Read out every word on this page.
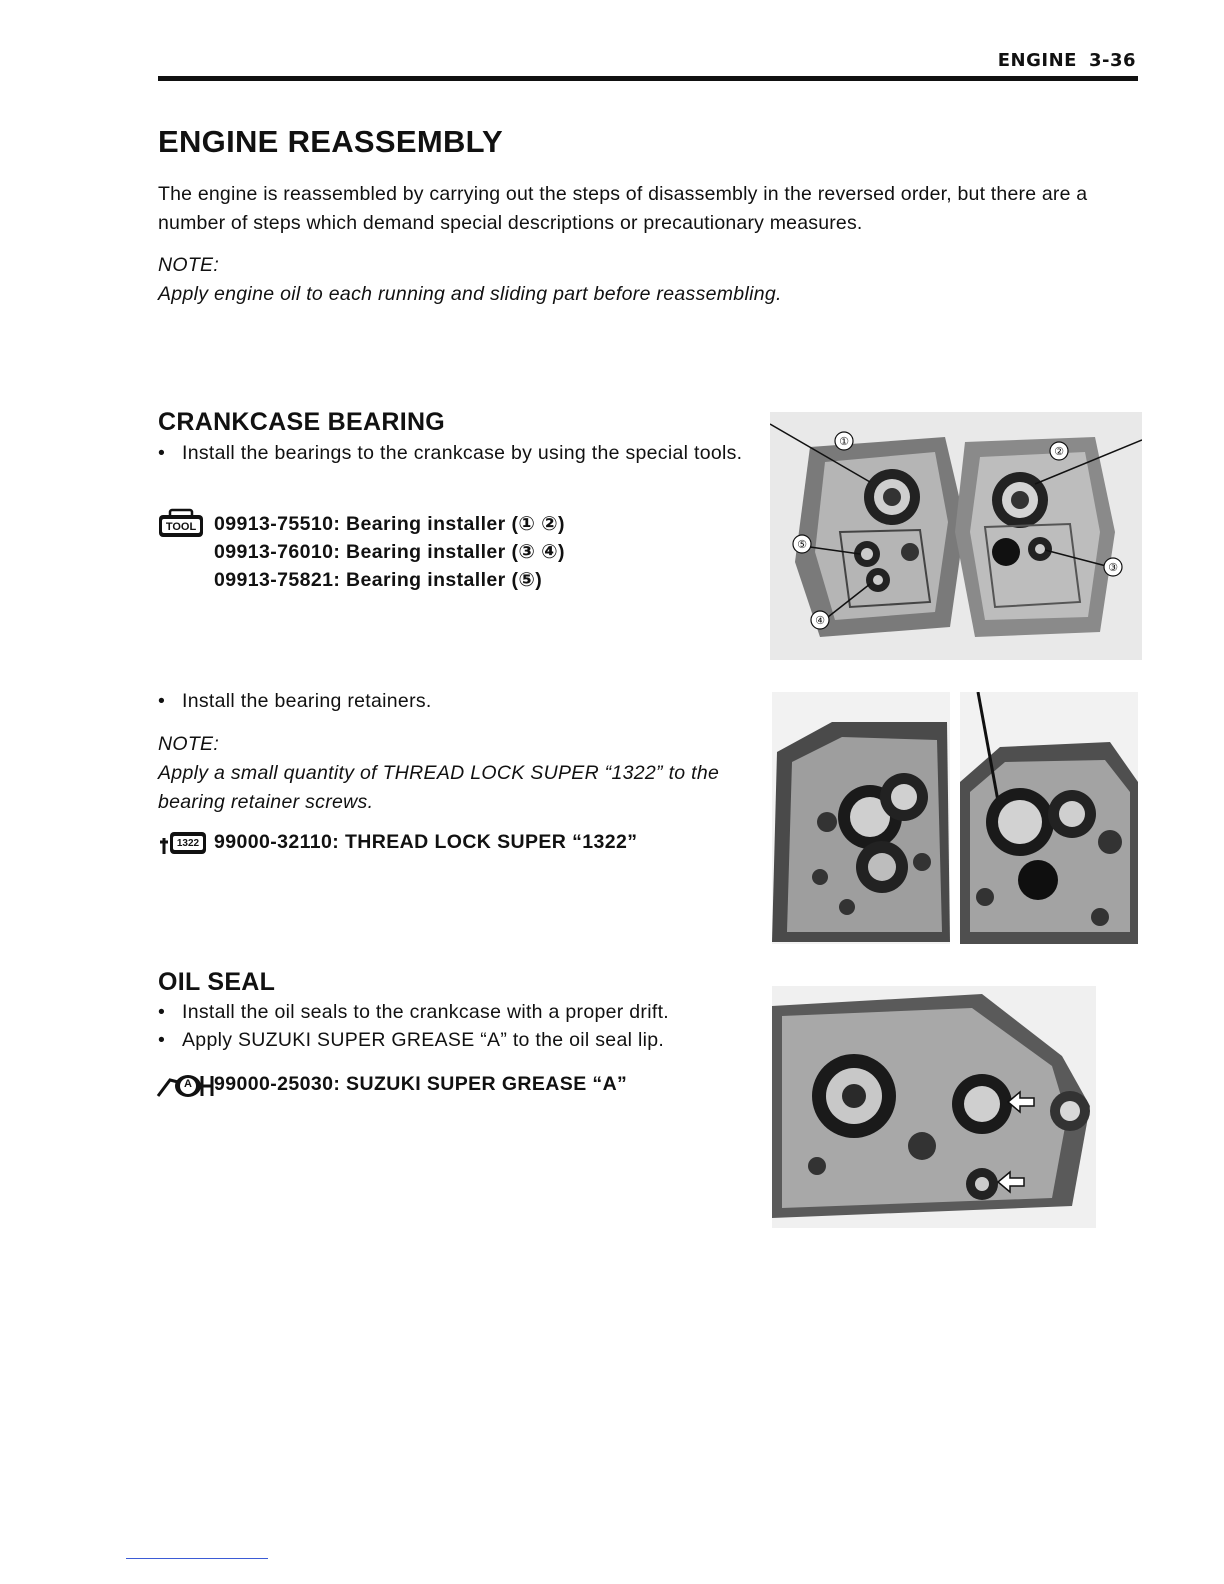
ENGINE 3-36
ENGINE REASSEMBLY

The engine is reassembled by carrying out the steps of disassembly in the reversed order, but there are a number of steps which demand special descriptions or precautionary measures.

NOTE:
Apply engine oil to each running and sliding part before reassembling.
CRANKCASE BEARING

• Install the bearings to the crankcase by using the special tools.

TOOL 09913-75510: Bearing installer (① ②)
09913-76010: Bearing installer (③ ④)
09913-75821: Bearing installer (⑤)
①
②
③
④
⑤

• Install the bearing retainers.

NOTE:
Apply a small quantity of THREAD LOCK SUPER “1322” to the bearing retainer screws.
1322 99000-32110: THREAD LOCK SUPER “1322”
OIL SEAL

• Install the oil seals to the crankcase with a proper drift.

• Apply SUZUKI SUPER GREASE “A” to the oil seal lip.

A 99000-25030: SUZUKI SUPER GREASE “A”
